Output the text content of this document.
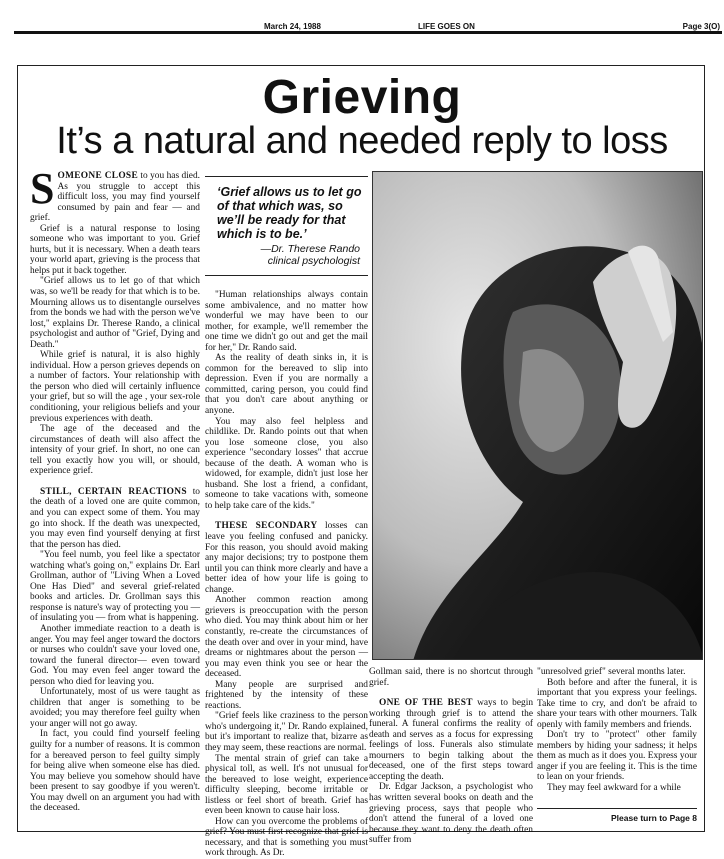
March 24, 1988	LIFE GOES ON	Page 3(O)
Grieving
It’s a natural and needed reply to loss

SOMEONE CLOSE to you has died. As you struggle to accept this difficult loss, you may find yourself consumed by pain and fear — and grief.

Grief is a natural response to losing someone who was important to you. Grief hurts, but it is necessary. When a death tears your world apart, grieving is the process that helps put it back together.

"Grief allows us to let go of that which was, so we'll be ready for that which is to be. Mourning allows us to disentangle ourselves from the bonds we had with the person we've lost," explains Dr. Therese Rando, a clinical psychologist and author of "Grief, Dying and Death."

While grief is natural, it is also highly individual. How a person grieves depends on a number of factors. Your relationship with the person who died will certainly influence your grief, but so will the age , your sex-role conditioning, your religious beliefs and your previous experiences with death.

The age of the deceased and the circumstances of death will also affect the intensity of your grief. In short, no one can tell you exactly how you will, or should, experience grief.

STILL, CERTAIN REACTIONS to the death of a loved one are quite common, and you can expect some of them. You may go into shock. If the death was unexpected, you may even find yourself denying at first that the person has died.

"You feel numb, you feel like a spectator watching what's going on," explains Dr. Earl Grollman, author of "Living When a Loved One Has Died" and several grief-related books and articles. Dr. Grollman says this response is nature's way of protecting you — of insulating you — from what is happening.

Another immediate reaction to a death is anger. You may feel anger toward the doctors or nurses who couldn't save your loved one, toward the funeral director— even toward God. You may even feel anger toward the person who died for leaving you.

Unfortunately, most of us were taught as children that anger is something to be avoided; you may therefore feel guilty when your anger will not go away.

In fact, you could find yourself feeling guilty for a number of reasons. It is common for a bereaved person to feel guilty simply for being alive when someone else has died. You may believe you somehow should have been present to say goodbye if you weren't. You may dwell on an argument you had with the deceased.

‘Grief allows us to let go of that which was, so we’ll be ready for that which is to be.’
—Dr. Therese Rando
clinical psychologist

"Human relationships always contain some ambivalence, and no matter how wonderful we may have been to our mother, for example, we'll remember the one time we didn't go out and get the mail for her," Dr. Rando said.

As the reality of death sinks in, it is common for the bereaved to slip into depression. Even if you are normally a committed, caring person, you could find that you don't care about anything or anyone.

You may also feel helpless and childlike. Dr. Rando points out that when you lose someone close, you also experience "secondary losses" that accrue because of the death. A woman who is widowed, for example, didn't just lose her husband. She lost a friend, a confidant, someone to take vacations with, someone to help take care of the kids."

THESE SECONDARY losses can leave you feeling confused and panicky. For this reason, you should avoid making any major decisions; try to postpone them until you can think more clearly and have a better idea of how your life is going to change.

Another common reaction among grievers is preoccupation with the person who died. You may think about him or her constantly, re-create the circumstances of the death over and over in your mind, have dreams or nightmares about the person — you may even think you see or hear the deceased.

Many people are surprised and frightened by the intensity of these reactions.

"Grief feels like craziness to the person who's undergoing it," Dr. Rando explained, but it's important to realize that, bizarre as they may seem, these reactions are normal.

The mental strain of grief can take a physical toll, as well. It's not unusual for the bereaved to lose weight, experience difficulty sleeping, become irritable or listless or feel short of breath. Grief has even been known to cause hair loss.

How can you overcome the problems of grief? You must first recognize that grief is necessary, and that is something you must work through. As Dr.

Gollman said, there is no shortcut through grief.

ONE OF THE BEST ways to begin working through grief is to attend the funeral. A funeral confirms the reality of death and serves as a focus for expressing feelings of loss. Funerals also stimulate mourners to begin talking about the deceased, one of the first steps toward accepting the death.

Dr. Edgar Jackson, a psychologist who has written several books on death and the grieving process, says that people who don't attend the funeral of a loved one because they want to deny the death often suffer from

"unresolved grief" several months later.

Both before and after the funeral, it is important that you express your feelings. Take time to cry, and don't be afraid to share your tears with other mourners. Talk openly with family members and friends.

Don't try to "protect" other family members by hiding your sadness; it helps them as much as it does you. Express your anger if you are feeling it. This is the time to lean on your friends.

They may feel awkward for a while

Please turn to Page 8
